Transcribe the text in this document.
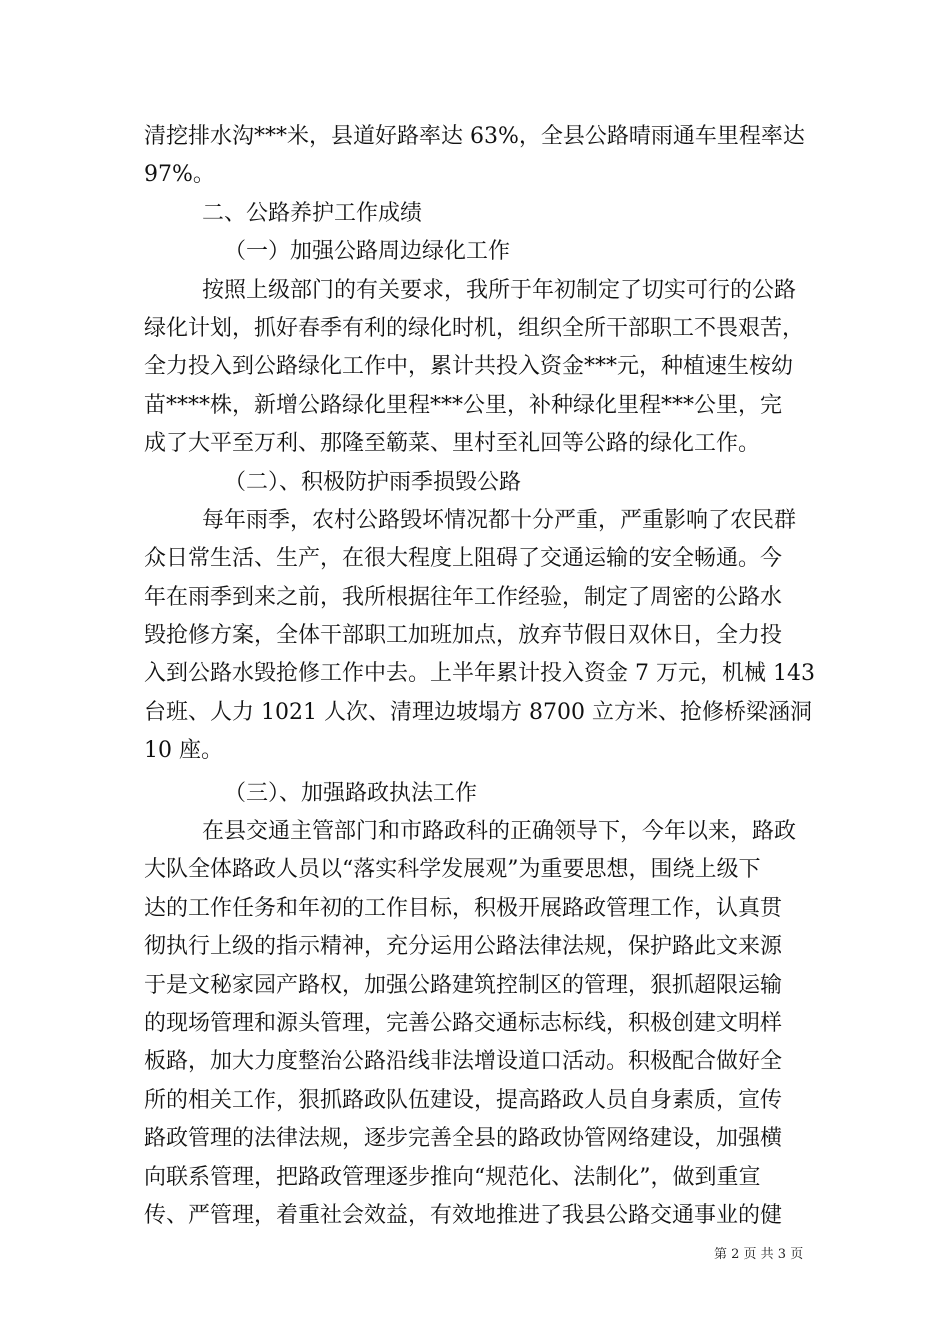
清挖排水沟***米，县道好路率达 63%，全县公路晴雨通车里程率达
97%。
二、公路养护工作成绩
（一）加强公路周边绿化工作
按照上级部门的有关要求，我所于年初制定了切实可行的公路
绿化计划，抓好春季有利的绿化时机，组织全所干部职工不畏艰苦，
全力投入到公路绿化工作中，累计共投入资金***元，种植速生桉幼
苗****株，新增公路绿化里程***公里，补种绿化里程***公里，完
成了大平至万利、那隆至簕菜、里村至礼回等公路的绿化工作。
（二）、积极防护雨季损毁公路
每年雨季，农村公路毁坏情况都十分严重，严重影响了农民群
众日常生活、生产，在很大程度上阻碍了交通运输的安全畅通。今
年在雨季到来之前，我所根据往年工作经验，制定了周密的公路水
毁抢修方案，全体干部职工加班加点，放弃节假日双休日，全力投
入到公路水毁抢修工作中去。上半年累计投入资金 7 万元，机械 143
台班、人力 1021 人次、清理边坡塌方 8700 立方米、抢修桥梁涵洞
10 座。
（三）、加强路政执法工作
在县交通主管部门和市路政科的正确领导下，今年以来，路政
大队全体路政人员以“落实科学发展观”为重要思想，围绕上级下
达的工作任务和年初的工作目标，积极开展路政管理工作，认真贯
彻执行上级的指示精神，充分运用公路法律法规，保护路此文来源
于是文秘家园产路权，加强公路建筑控制区的管理，狠抓超限运输
的现场管理和源头管理，完善公路交通标志标线，积极创建文明样
板路，加大力度整治公路沿线非法增设道口活动。积极配合做好全
所的相关工作，狠抓路政队伍建设，提高路政人员自身素质，宣传
路政管理的法律法规，逐步完善全县的路政协管网络建设，加强横
向联系管理，把路政管理逐步推向“规范化、法制化”，做到重宣
传、严管理，着重社会效益，有效地推进了我县公路交通事业的健
第 2 页 共 3 页
